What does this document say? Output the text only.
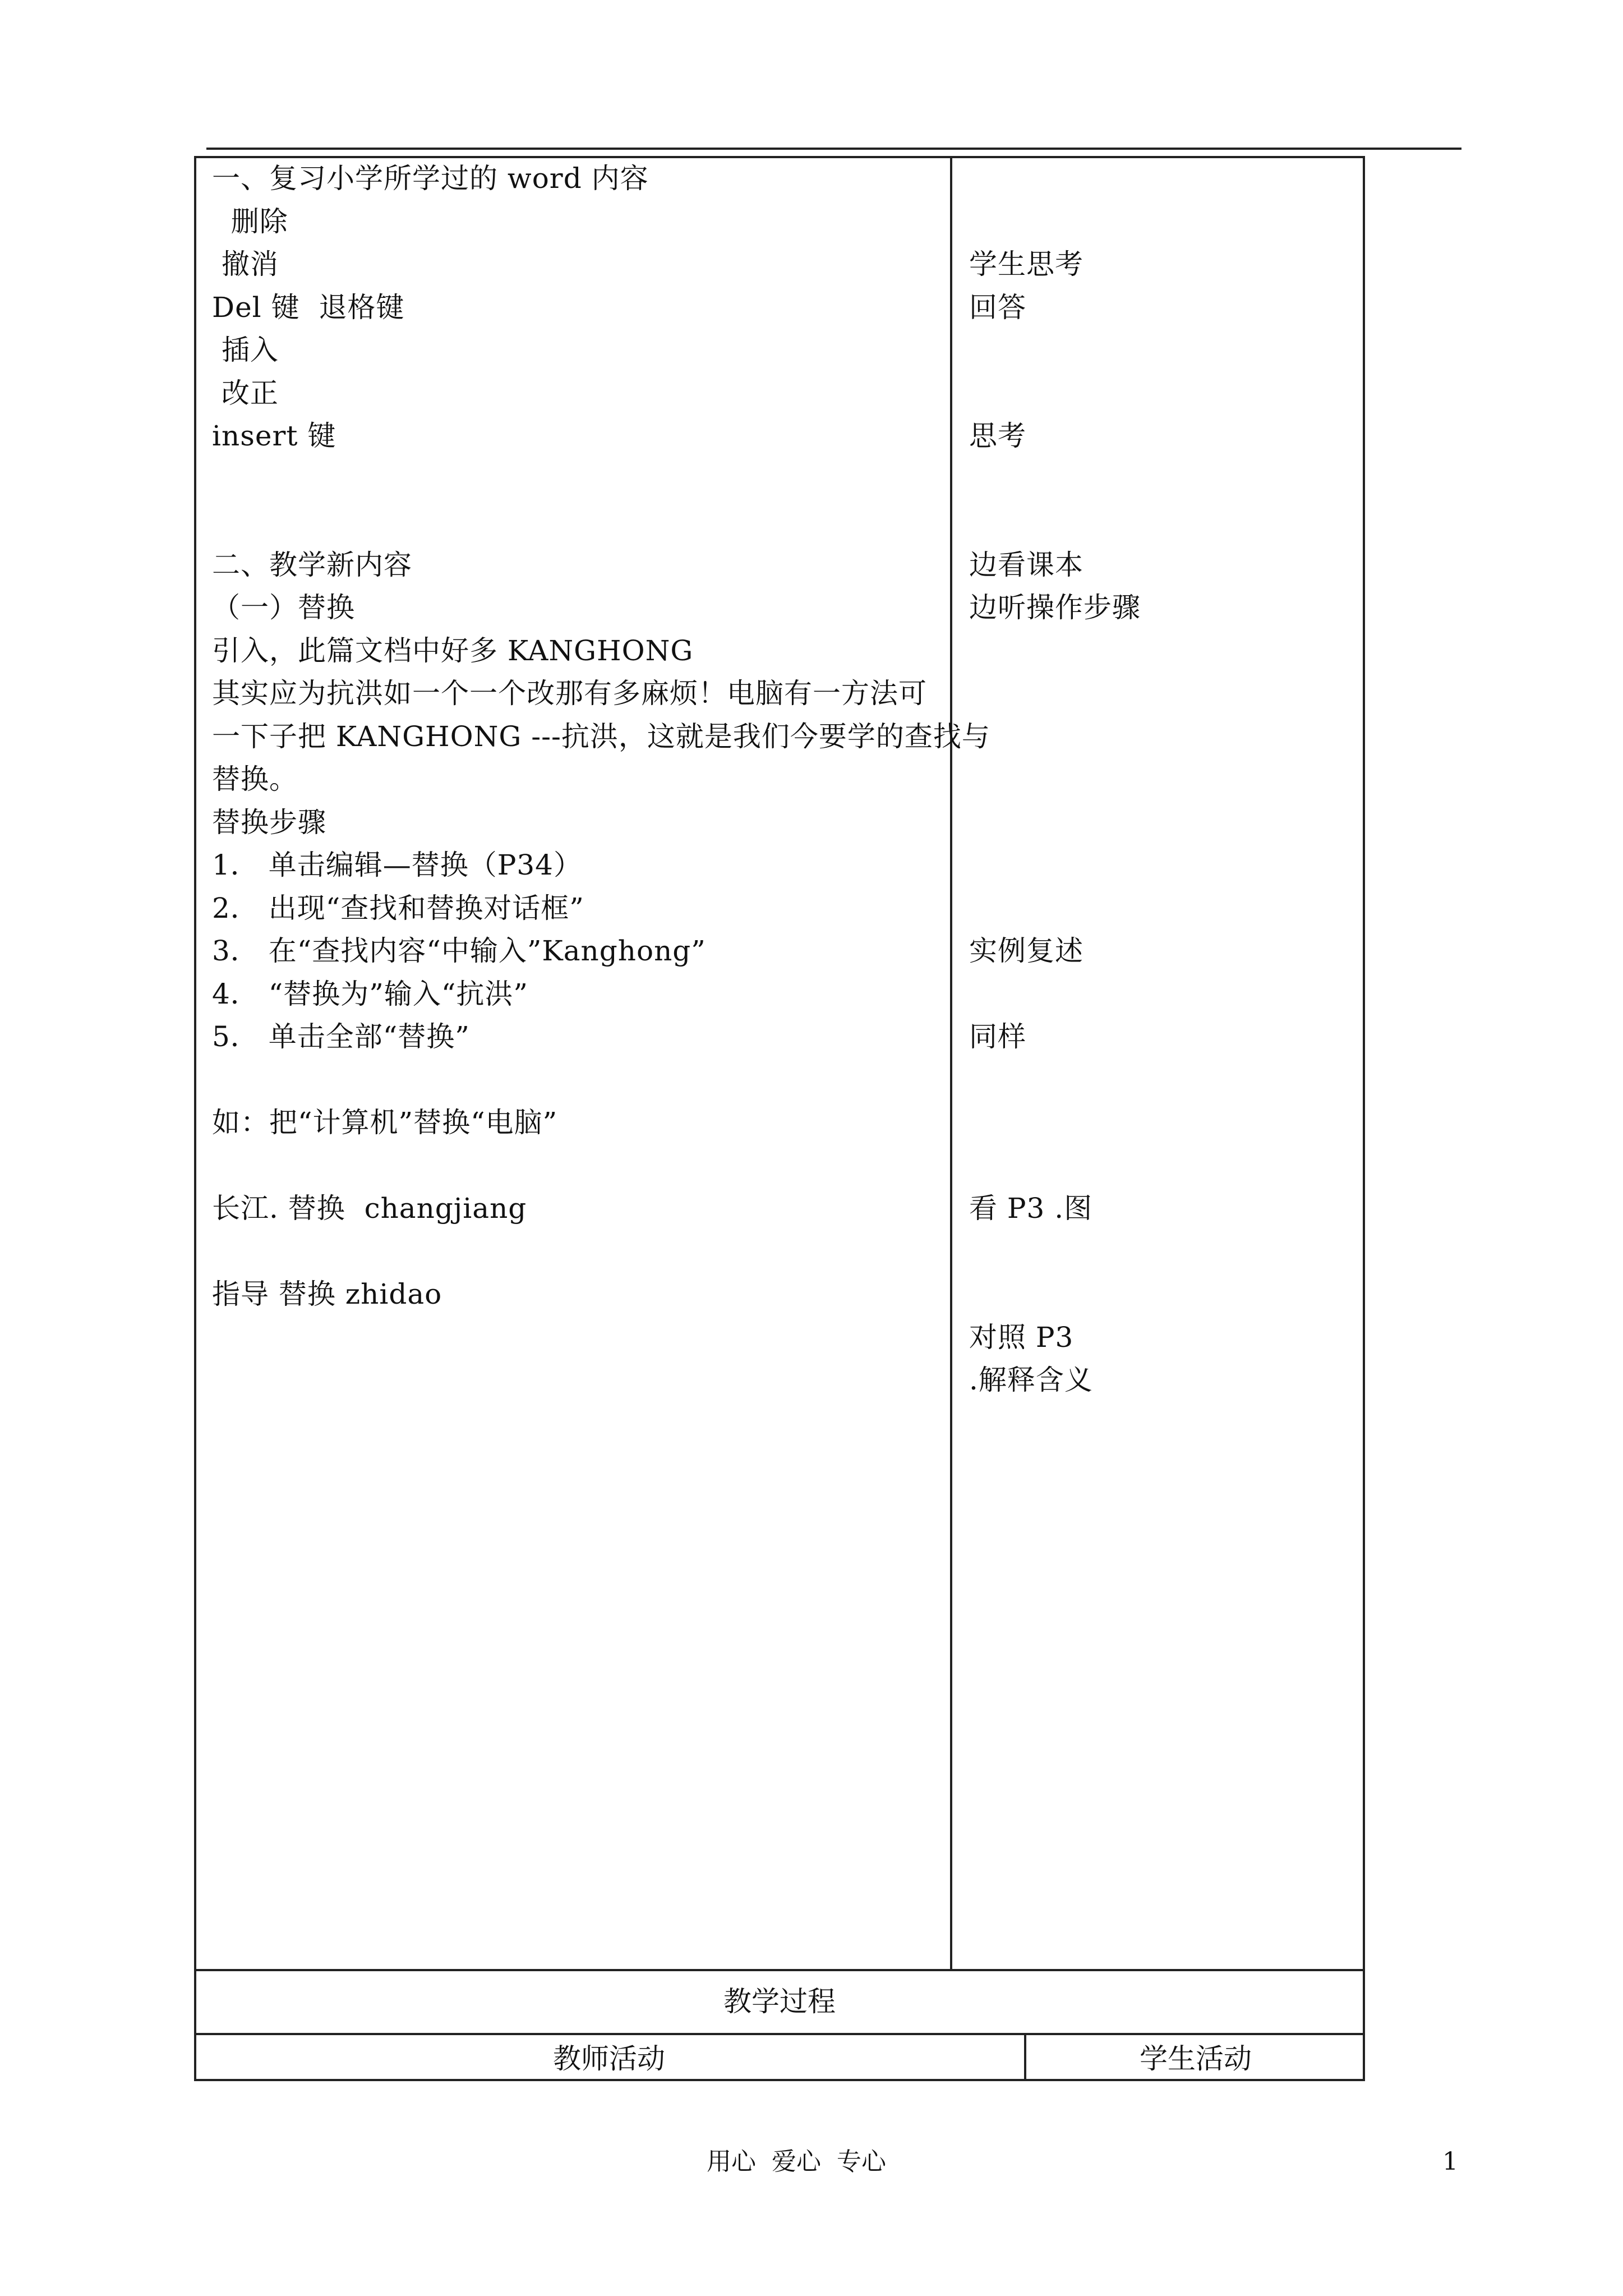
一、复习小学所学过的 word 内容
删除
撤消
Del 键  退格键
插入
改正
insert 键
二、教学新内容
（一）替换
引入，此篇文档中好多 KANGHONG
其实应为抗洪如一个一个改那有多麻烦！电脑有一方法可
一下子把 KANGHONG ---抗洪，这就是我们今要学的查找与
替换。
替换步骤
1． 单击编辑—替换（P34）
2． 出现“查找和替换对话框”
3． 在“查找内容“中输入”Kanghong”
4． “替换为”输入“抗洪”
5． 单击全部“替换”
如：把“计算机”替换“电脑”
长江. 替换  changjiang
指导 替换 zhidao
学生思考
回答
思考
边看课本
边听操作步骤
实例复述
同样
看 P3 .图
对照 P3
.解释含义
教学过程
教师活动	学生活动
用心  爱心  专心	1
